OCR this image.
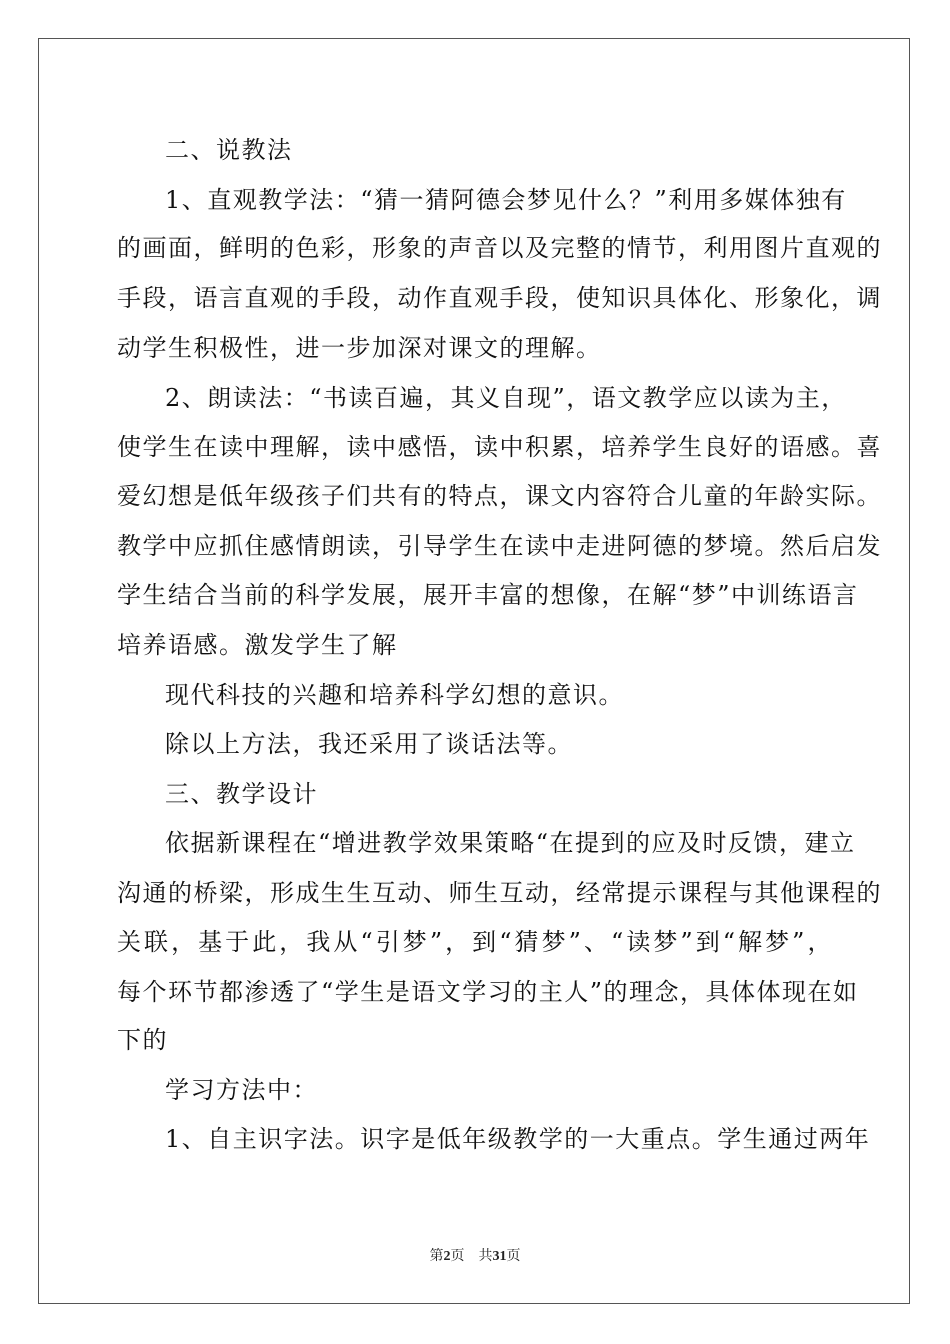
二、说教法
1、直观教学法：“猜一猜阿德会梦见什么？”利用多媒体独有
的画面，鲜明的色彩，形象的声音以及完整的情节，利用图片直观的
手段，语言直观的手段，动作直观手段，使知识具体化、形象化，调
动学生积极性，进一步加深对课文的理解。
2、朗读法：“书读百遍，其义自现”，语文教学应以读为主，
使学生在读中理解，读中感悟，读中积累，培养学生良好的语感。喜
爱幻想是低年级孩子们共有的特点，课文内容符合儿童的年龄实际。
教学中应抓住感情朗读，引导学生在读中走进阿德的梦境。然后启发
学生结合当前的科学发展，展开丰富的想像，在解“梦”中训练语言
培养语感。激发学生了解
现代科技的兴趣和培养科学幻想的意识。
除以上方法，我还采用了谈话法等。
三、教学设计
依据新课程在“增进教学效果策略“在提到的应及时反馈，建立
沟通的桥梁，形成生生互动、师生互动，经常提示课程与其他课程的
关联，基于此，我从“引梦”，到“猜梦”、“读梦”到“解梦”，
每个环节都渗透了“学生是语文学习的主人”的理念，具体体现在如
下的
学习方法中：
1、自主识字法。识字是低年级教学的一大重点。学生通过两年
第2页　共31页
